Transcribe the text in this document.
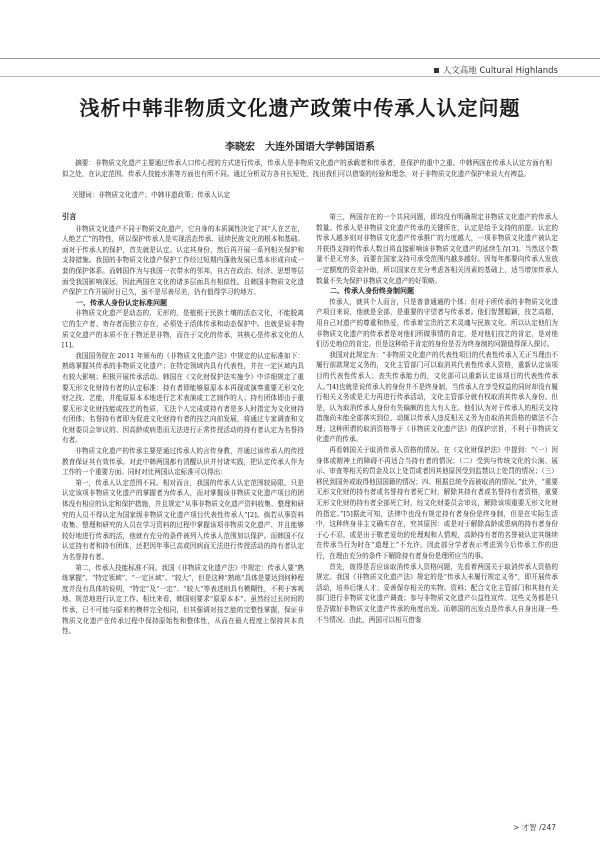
人文高地 Cultural Highlands
浅析中韩非物质文化遗产政策中传承人认定问题
李晓宏　大连外国语大学韩国语系
摘要：非物质文化遗产主要通过传承人口传心授的方式进行传承，传承人是非物质文化遗产的承载者和传承者，是保护的重中之重。中韩两国在传承人认定方面有相似之处，在认定范围、传承人技能水准等方面也有所不同。通过分析双方各自长短处，找出我们可以借鉴的经验和理念，对于非物质文化遗产保护来说大有裨益。
关键词：非物质文化遗产；中韩非遗政策；传承人认定
引言

非物质文化遗产不同于物质文化遗产，它自身的本质属性决定了其“人在艺在，人绝艺亡”的特性，所以保护传承人是实现活态传承、延续民族文化的根本和基础。面对于传承人的保护，首先就是认定。认定其身份，然后再开展一系列相关保护和支持措施。我国的非物质文化遗产保护工作经过短期内蓬勃发展已基本形成自成一套的保护体系。而韩国作为与我国一衣带水的邻邦，自古在政治、经济、思想等层面受我国影响深远，因此两国在文化的诸多层面具有相似性。且韩国非物质文化遗产保护工作开展时日已久，虽不是尽善尽美，仍有值得学习的地方。

一、传承人身份认定标准问题

非物质文化遗产是动态的、无形的，是植根于民族土壤的活态文化，不能脱离它的生产者、寄存者而独立存在，必须处于活体传承和动态保护中。也就是说非物质文化遗产的本质不在于物还是非物，而在于文化的传承，其核心是传承文化的人[1]。

我国国务院在 2011 年颁布的《非物质文化遗产法》中规定的认定标准如下：熟练掌握其传承的非物质文化遗产；在特定领域内具有代表性，并在一定区域内具有较大影响；积极开展传承活动。韩国在《文化财保护法实施令》中详细规定了重要无形文化财持有者的认定标准：持有者即能够原原本本再现或演奏重要无形文化财之技、艺能，并能原原本本地进行艺术表演或工艺制作的人；持有团体即由于重要无形文化财技能或技艺的性质，无法个人完成或持有者是多人时指定为文化财持有团体；名誉持有者即为促进文化财持有者的技艺向前发展，将通过专家调查和文化财委员会审议的、因高龄或病患而无法进行正常传授活动的持有者认定为名誉持有者。

非物质文化遗产的传承主要是通过传承人的言传身教，并通过该传承人的传授教育保证其有效传承。对此中韩两国都有清醒认识并付诸实践，把认定传承人作为工作的一个重要方面。同时对比两国认定标准可以得出：

第一，传承人认定范围不同。相对而言，我国的传承人认定范围较局限，只是认定该项非物质文化遗产的掌握者为传承人，而对掌握该非物质文化遗产项目的团体没有相应的认定和保护措施，并且规定“从事非物质文化遗产资料收集、整理和研究的人员不得认定为国家级非物质文化遗产项目代表性传承人”[2]。倘若从事资料收集、整理和研究的人员在学习资料的过程中掌握该项非物质文化遗产、并且能够较好地进行传承的活，他就有充分的条件被列入传承人范围加以保护。而韩国不仅认定持有者和持有团体，还把因年事已高或因病而无法进行传授活动的持有者认定为名誉持有者。

第二，传承人技能标准不同。我国《非物质文化遗产法》中规定：传承人要“熟练掌握”、“特定领域”、“一定区域”、“较大”，但是这种“熟练”具体是要达到何种程度并没有具体的说明，“特定”及“一定”、“较大”等表述则具有模糊性，不利于客观地、规范地进行认定工作。相比来看，韩国则要求“原原本本”。虽然经过长时间的传承，已不可能与原来的模样完全相同，但其强调对技艺能的完整性掌握，保证非物质文化遗产在传承过程中保持原始性和整体性，从而在最大程度上保持其本真性。

第三，两国存在的一个共同问题，即均没有明确规定非物质文化遗产的传承人数量。传承人是非物质文化遗产传承的关键所在，认定是给予支持的前提。认定的传承人越多则对非物质文化遗产传承推广的力度越大，一项非物质文化遗产被认定并获得支持的传承人数目将直接影响该非物质文化遗产的延续生存[3]。当然这个数量不是无穷多，而要在国家支持可承受范围内越多越好。因每年都要向传承人发放一定额度的资金补助，所以国家在充分考虑各相关因素的基础上，适当增加传承人数量不失为保护非物质文化遗产的好策略。

二、传承人身份终身制问题

传承人，就其个人而言，只是普普通通的个体；但对于所传承的非物质文化遗产项目来说，他就是全部，是重要的守望者与传承者。他们智慧聪颖，技艺高超，用自己对遗产的尊重和热爱，传承着宝贵的艺术灵魂与民族文化。所以认定他们为非物质文化遗产的传承者是对他们所做事情的肯定，是对他们技艺的肯定，是对他们历史地位的肯定。但是这种给予肯定的身份是否为终身制的问题值得深入探讨。

我国对此规定为：“非物质文化遗产的代表性项目的代表性传承人无正当理由不履行前款规定义务的，文化主管部门可以取消其代表性传承人资格，重新认定该项目的代表性传承人；丧失传承能力的，文化部可以重新认定该项目的代表性传承人。”[4]也就是说传承人的身份并不是终身制，当传承人在享受权益的同时却没有履行相关义务或是无力再进行传承活动，文化主管部分就有权取消其传承人身份。但是，认为取消传承人身份有失偏颇的也大有人在。他们认为对于传承人的相关支持措施尚未能全部落实到位，动辄以传承人违反相关义务为由取消其资格的做法不合理；这种所谓的取消资格等于《非物质文化遗产法》的保护宗旨，不利于非物质文化遗产的传承。

再看韩国关于取消传承人资格的情况。在《文化财保护法》中提到：“（一）因身体或精神上的障碍不再适合当持有者的情况；（二）受到与传统文化的公演、展示、审查等相关的罚金及以上处罚或者因其他原因受到监禁以上处罚的情况；（三）移民到国外或取得他国国籍的情况；四、根据总统令而被取消的情况。”此外，“重要无形文化财的持有者或名誉持有者死亡时，解除其持有者或名誉持有者资格，重要无形文化财的持有者全部死亡时，经文化财委员会审议，解除该项重要无形文化财的指定。”[5]据此可知，法律中也没有规定持有者身份是终身制，但是在实际生活中，这种终身非主文确实存在，究其原因：或是对于解除高龄或患病的持有者身份于心不忍，或是出于敬老爱幼的伦理观和人情观，高龄持有者的名誉被认定其继续在传承当行为时在“道理上”不允许。因此部分学者表示考虑到今后传承工作的进行，在理由充分的条件下解除持有者身份是理所应当的事。

首先，彼得是否应该取消传承人资格问题，先看着两国关于取消传承人资格的规定。我国《非物质文化遗产法》规定的是“传承人未履行规定义务”，即开展传承活动，培养后继人才；妥善保存相关的实物、资料；配合文化主管部门和其他有关部门进行非物质文化遗产调查；参与非物质文化遗产公益性宣传。这些义务都是只是否做好非物质文化遗产传承的角度出发。而韩国的出发点是传承人自身出现一些不当情况。由此，两国可以相互借鉴

> 才智 /247
